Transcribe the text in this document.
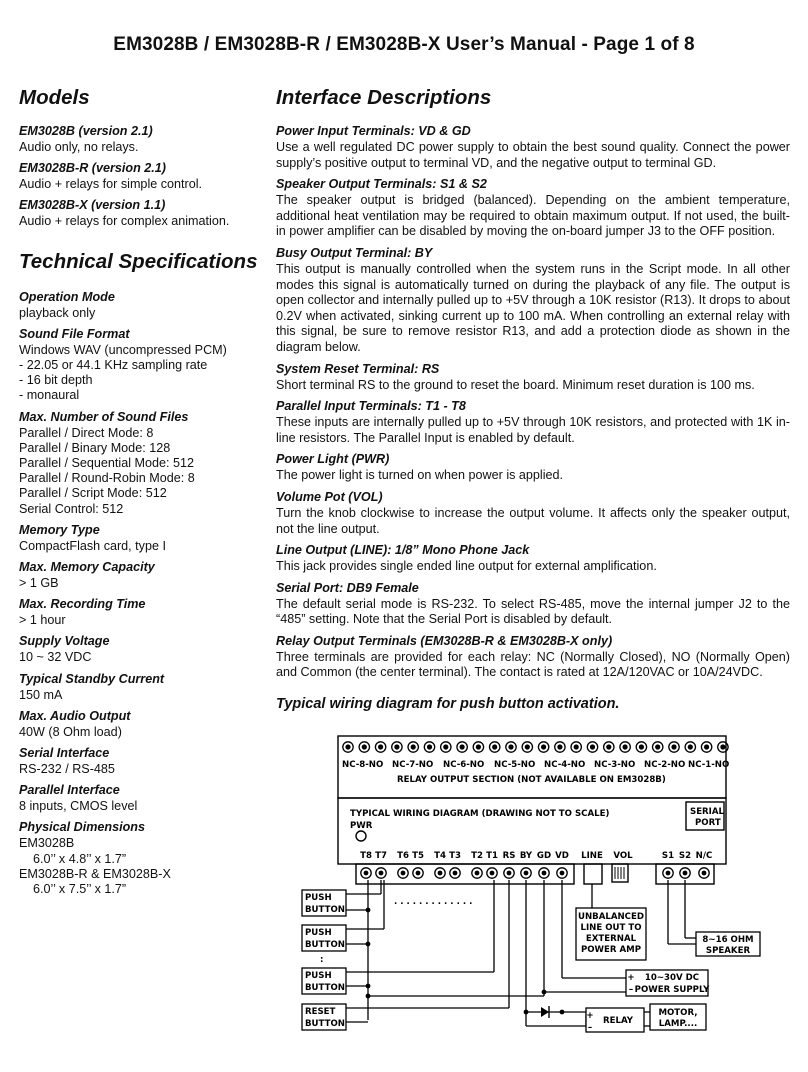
EM3028B / EM3028B-R / EM3028B-X User’s Manual - Page 1 of 8
Models
EM3028B (version 2.1)
Audio only, no relays.
EM3028B-R (version 2.1)
Audio + relays for simple control.
EM3028B-X (version 1.1)
Audio + relays for complex animation.
Technical Specifications
Operation Mode
playback only
Sound File Format
Windows WAV (uncompressed PCM)
- 22.05 or 44.1 KHz sampling rate
- 16 bit depth
- monaural
Max. Number of Sound Files
Parallel / Direct Mode: 8
Parallel / Binary Mode: 128
Parallel / Sequential Mode: 512
Parallel / Round-Robin Mode: 8
Parallel / Script Mode: 512
Serial Control: 512
Memory Type
CompactFlash card, type I
Max. Memory Capacity
> 1 GB
Max. Recording Time
> 1 hour
Supply Voltage
10 ~ 32 VDC
Typical Standby Current
150 mA
Max. Audio Output
40W (8 Ohm load)
Serial Interface
RS-232 / RS-485
Parallel Interface
8 inputs, CMOS level
Physical Dimensions
EM3028B
6.0’’ x 4.8’’ x 1.7”
EM3028B-R & EM3028B-X
6.0’’ x 7.5’’ x 1.7”
Interface Descriptions
Power Input Terminals: VD & GD
Use a well regulated DC power supply to obtain the best sound quality. Connect the power supply’s positive output to terminal VD, and the negative output to terminal GD.
Speaker Output Terminals: S1 & S2
The speaker output is bridged (balanced). Depending on the ambient temperature, additional heat ventilation may be required to obtain maximum output. If not used, the built-in power amplifier can be disabled by moving the on-board jumper J3 to the OFF position.
Busy Output Terminal: BY
This output is manually controlled when the system runs in the Script mode. In all other modes this signal is automatically turned on during the playback of any file. The output is open collector and internally pulled up to +5V through a 10K resistor (R13). It drops to about 0.2V when activated, sinking current up to 100 mA. When controlling an external relay with this signal, be sure to remove resistor R13, and add a protection diode as shown in the diagram below.
System Reset Terminal: RS
Short terminal RS to the ground to reset the board. Minimum reset duration is 100 ms.
Parallel Input Terminals: T1 - T8
These inputs are internally pulled up to +5V through 10K resistors, and protected with 1K in-line resistors. The Parallel Input is enabled by default.
Power Light (PWR)
The power light is turned on when power is applied.
Volume Pot (VOL)
Turn the knob clockwise to increase the output volume. It affects only the speaker output, not the line output.
Line Output (LINE): 1/8” Mono Phone Jack
This jack provides single ended line output for external amplification.
Serial Port: DB9 Female
The default serial mode is RS-232. To select RS-485, move the internal jumper J2 to the “485” setting. Note that the Serial Port is disabled by default.
Relay Output Terminals (EM3028B-R & EM3028B-X only)
Three terminals are provided for each relay: NC (Normally Closed), NO (Normally Open) and Common (the center terminal). The contact is rated at 12A/120VAC or 10A/24VDC.
Typical wiring diagram for push button activation.
NC-8-NO NC-7-NO NC-6-NO NC-5-NO NC-4-NO NC-3-NO NC-2-NO NC-1-NO
RELAY OUTPUT SECTION (NOT AVAILABLE ON EM3028B)
TYPICAL WIRING DIAGRAM (DRAWING NOT TO SCALE)	SERIAL
PORT
PWR
T8 T7 T6 T5 T4 T3 T2 T1 RS BY GD VD LINE VOL	S1 S2 N/C
PUSH
BUTTON
PUSH
BUTTON
:
PUSH
BUTTON
RESET
BUTTON
. . . . . . . . . . . . .
UNBALANCED
LINE OUT TO
EXTERNAL
POWER AMP
8~16 OHM
SPEAKER
10~30V DC
POWER SUPPLY
+
–
+
–
RELAY
MOTOR,
LAMP....
